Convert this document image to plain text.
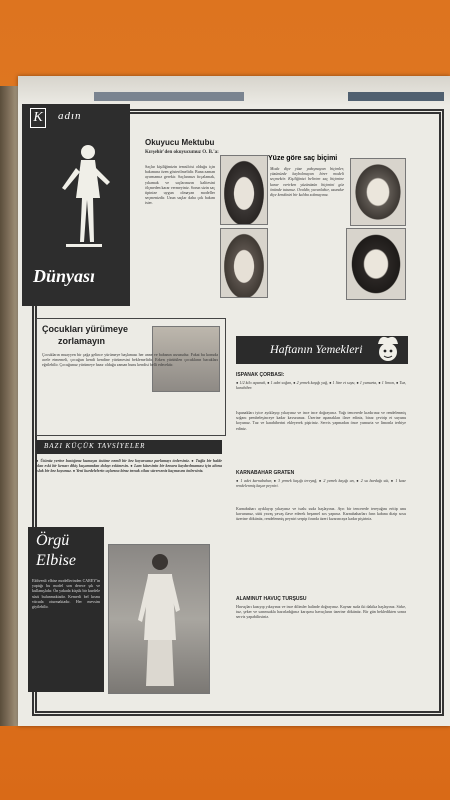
K	adın
Dünyası
Okuyucu Mektubu
Kırşehir'den okuyucumuz O. B.'a:
Saçlar kişiliğimizin temsilcisi olduğu için bakımına özen gösterilmelidir. Buna zaman ayırmamız gerekir. Saçlarınızı fırçalamak, yıkamak ve saçlarınızın kalitesini ölçmeden karar vermeyiniz. Sorun sizin saç tipinize uygun olmayan modeller seçmenizdir. Uzun saçlar daha çok bakım ister.
Yüze göre saç biçimi
Moda diye yüze yakışmayan biçimler, yüzünüzde kaybolmayan birer modeli seçmektir. Kişiliğinizi belirten saç biçimine karar verirken yüzünüzün biçimini göz önünde tutunuz. Ovaldir, yuvarlaktır, uzundur diye kendinizi bir kalıba sokmayınız.
Çocukları yürümeye
zorlamayın
Çocukların muayyen bir çağa gelince yürümeye başlaması her anne ve babanın arzusudur. Fakat bu konuda acele etmemeli, çocuğun kendi kendine yürümesini beklemelidir. Erken yürütülen çocukların bacakları eğrilebilir. Çocuğunuz yürümeye hazır olduğu zaman bunu kendisi belli edecektir.
Haftanın Yemekleri
ISPANAK ÇORBASI:
● 1/2 kilo ıspanak, ● 1 adet soğan, ● 2 yemek kaşığı yağ, ● 1 litre et suyu, ● 1 yumurta, ● 1 limon, ● Tuz, karabiber.
Ispanakları iyice ayıklayıp yıkayınız ve ince ince doğrayınız. Yağı tencerede kızdırınız ve rendelenmiş soğanı pembeleşinceye kadar kavurunuz. Üzerine ıspanakları ilave ediniz, biraz çevirip et suyunu koyunuz. Tuz ve karabiberini ekleyerek pişiriniz. Servis yapmadan önce yumurta ve limonla terbiye ediniz.
KARNABAHAR GRATEN
● 1 adet karnabahar, ● 3 yemek kaşığı tereyağ, ● 2 yemek kaşığı un, ● 2 su bardağı süt, ● 1 kase rendelenmiş kaşar peyniri.
Karnabaharı ayıklayıp yıkayınız ve tuzlu suda haşlayınız. Ayrı bir tencerede tereyağını eritip unu kavurunuz, sütü yavaş yavaş ilave ederek beşamel sos yapınız. Karnabaharları fırın kabına dizip sosu üzerine dökünüz, rendelenmiş peyniri serpip fırında üzeri kızarıncaya kadar pişiriniz.
ALAMINUT HAVUÇ TURŞUSU
Havuçları kazıyıp yıkayınız ve ince dilimler halinde doğrayınız. Kaynar suda iki dakika haşlayınız. Sirke, tuz, şeker ve sarımsakla hazırladığınız karışımı havuçların üzerine dökünüz. Bir gün bekledikten sonra servis yapabilirsiniz.
BAZI KÜÇÜK TAVSİYELER
● Ütünüz yerine bastığınız kumaşın üstüne nemli bir bez koyarsanız parlamayı önlersiniz. ● Tuğla bir halde olan eski bir kenarı dikiş kuşamından dolayı eskimesin. ● Lam kâsesinin bir kenara kaydırılmaması için altına ıslak bir bez koyunuz. ● Yeni kurdelelerin uçlarına biraz tırnak cilası sürerseniz kaçmasını önlersiniz.
Örgü
Elbise
Eldivenli elbise modellerinden CAREY'in yaptığı bu model son derece şık ve kullanışlıdır. Ön yakada küçük bir kurdele süsü bulunmaktadır. Kemerli bel kısmı vücuda oturmaktadır. Her mevsim giyilebilir.
